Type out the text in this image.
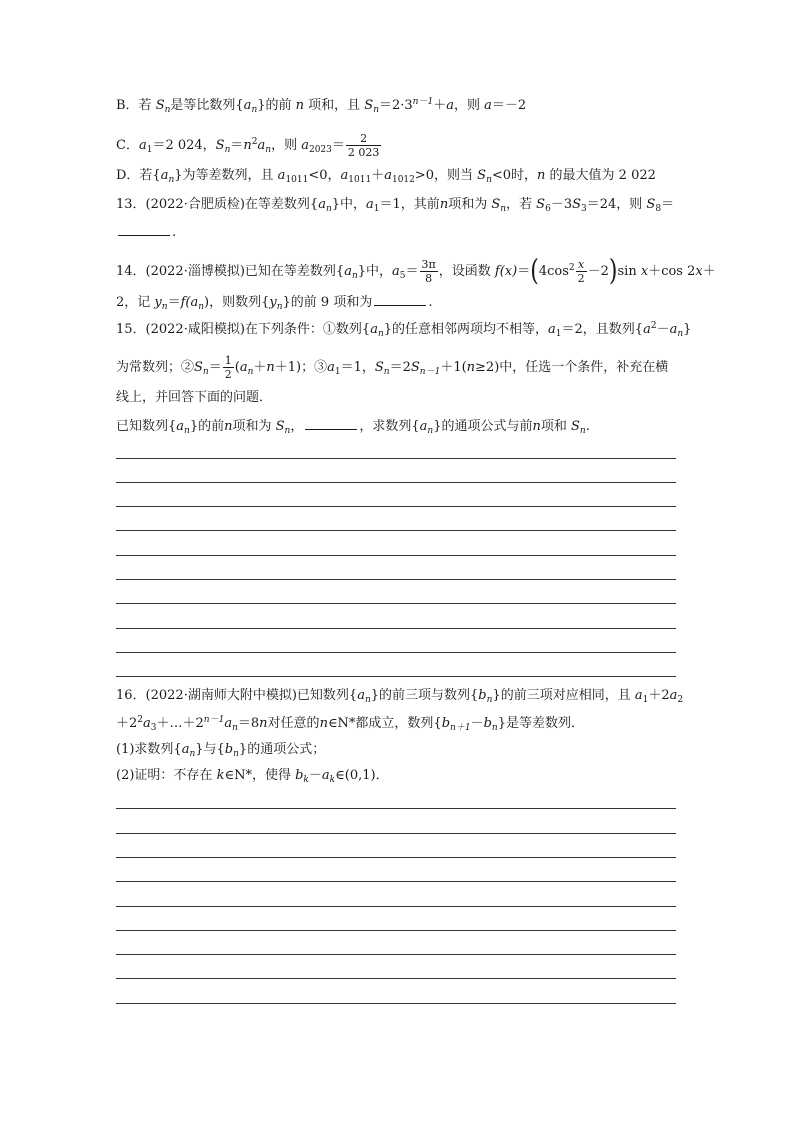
B．若 $S_n$是等比数列$\{a_n\}$的前 n 项和，且 $S_n=2\cdot 3^{n-1}+a$，则 a＝－2
C．$a_1=2$ 024，$S_n=n^2a_n$，则 $a_{2023}= \frac{2}{2 023}$
D．若$\{a_n\}$为等差数列，且 $a_{1011}<0$，$a_{1011}+a_{1012}>0$，则当 $S_n<0$时，n 的最大值为 2 022
13．(2022·合肥质检)在等差数列$\{a_n\}$中，$a_1=1$，其前n项和为 $S_n$，若 $S_6-3S_3=24$，则 $S_8=$
.
14．(2022·淄博模拟)已知在等差数列$\{a_n\}$中，$a_5= \frac{3\pi}{8}$ ，设函数 $f(x)=(4\cos^2 \frac{x}{2} -2)\sin$ x＋cos 2x＋
2，记 $y_n=f(a_n)$，则数列$\{y_n\}$的前 9 项和为	.
15．(2022·咸阳模拟)在下列条件：①数列$\{a_n\}$的任意相邻两项均不相等，$a_1=2$，且数列$\{a^2-a_n\}$
为常数列；$②S_n= \frac{1}{2} (a_n+n+1)$；$③a_1=1$，$S_n=2S_{n-1}+1(n\ge 2)$中，任选一个条件，补充在横
线上，并回答下面的问题．
已知数列$\{a_n\}$的前n项和为 $S_n$，	，求数列$\{a_n\}$的通项公式与前n项和 $S_n$.
16．(2022·湖南师大附中模拟)已知数列$\{a_n\}$的前三项与数列$\{b_n\}$的前三项对应相同，且 $a_1+2a_2$
$+2^2a_3+\dots+2^{n-1}a_n=8n$对任意的n∈N*都成立，数列$\{b_{n+1}-b_n\}$是等差数列．
(1)求数列$\{a_n\}$与$\{b_n\}$的通项公式；
(2)证明：不存在 k∈N*，使得 $b_k-a_k\in(0,1)$．
